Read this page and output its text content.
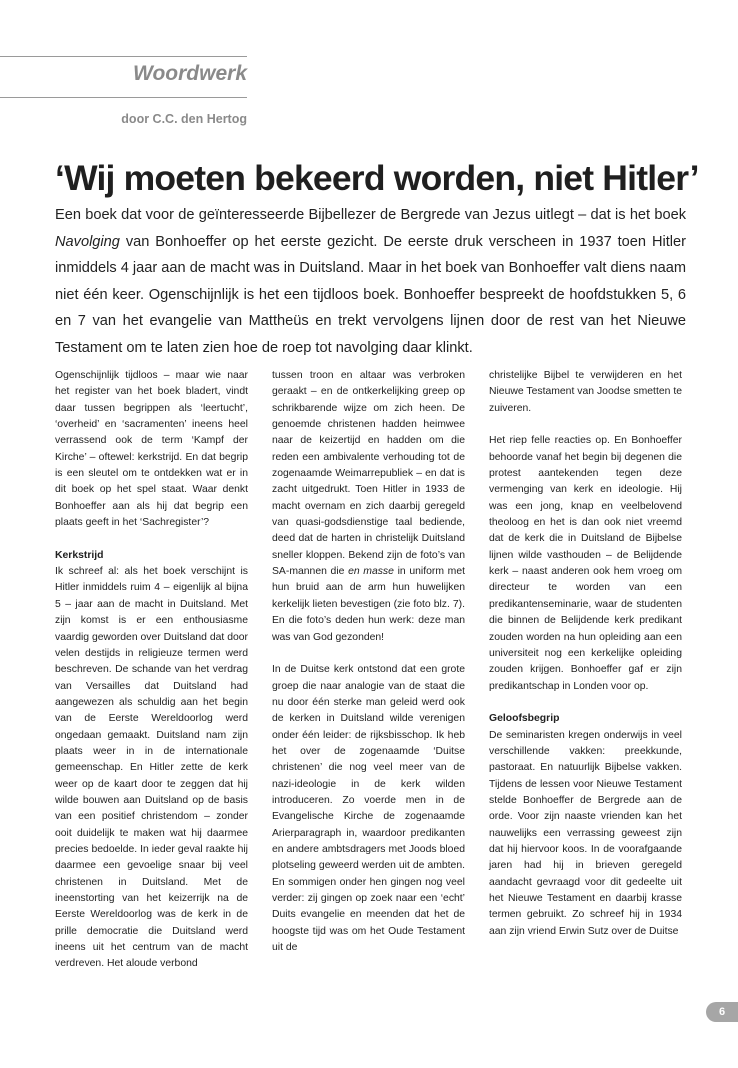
Woordwerk
door C.C. den Hertog
‘Wij moeten bekeerd worden, niet Hitler’

Een boek dat voor de geïnteresseerde Bijbellezer de Bergrede van Jezus uitlegt – dat is het boek Navolging van Bonhoeffer op het eerste gezicht. De eerste druk verscheen in 1937 toen Hitler inmiddels 4 jaar aan de macht was in Duitsland. Maar in het boek van Bonhoeffer valt diens naam niet één keer. Ogenschijnlijk is het een tijdloos boek. Bonhoeffer bespreekt de hoofdstukken 5, 6 en 7 van het evangelie van Mattheüs en trekt vervolgens lijnen door de rest van het Nieuwe Testament om te laten zien hoe de roep tot navolging daar klinkt.

Ogenschijnlijk tijdloos – maar wie naar het register van het boek bladert, vindt daar tussen begrippen als ‘leertucht’, ‘overheid’ en ‘sacramenten’ ineens heel verrassend ook de term ‘Kampf der Kirche’ – oftewel: kerkstrijd. En dat begrip is een sleutel om te ontdekken wat er in dit boek op het spel staat. Waar denkt Bonhoeffer aan als hij dat begrip een plaats geeft in het ‘Sachregister’?

Kerkstrijd

Ik schreef al: als het boek verschijnt is Hitler inmiddels ruim 4 – eigenlijk al bijna 5 – jaar aan de macht in Duitsland. Met zijn komst is er een enthousiasme vaardig geworden over Duitsland dat door velen destijds in religieuze termen werd beschreven. De schande van het verdrag van Versailles dat Duitsland had aangewezen als schuldig aan het begin van de Eerste Wereldoorlog werd ongedaan gemaakt. Duitsland nam zijn plaats weer in in de internationale gemeenschap. En Hitler zette de kerk weer op de kaart door te zeggen dat hij wilde bouwen aan Duitsland op de basis van een positief christendom – zonder ooit duidelijk te maken wat hij daarmee precies bedoelde. In ieder geval raakte hij daarmee een gevoelige snaar bij veel christenen in Duitsland. Met de ineenstorting van het keizerrijk na de Eerste Wereldoorlog was de kerk in de prille democratie die Duitsland werd ineens uit het centrum van de macht verdreven. Het aloude verbond

tussen troon en altaar was verbroken geraakt – en de ontkerkelijking greep op schrikbarende wijze om zich heen. De genoemde christenen hadden heimwee naar de keizertijd en hadden om die reden een ambivalente verhouding tot de zogenaamde Weimarrepubliek – en dat is zacht uitgedrukt. Toen Hitler in 1933 de macht overnam en zich daarbij geregeld van quasi-godsdienstige taal bediende, deed dat de harten in christelijk Duitsland sneller kloppen. Bekend zijn de foto’s van SA-mannen die en masse in uniform met hun bruid aan de arm hun huwelijken kerkelijk lieten bevestigen (zie foto blz. 7). En die foto’s deden hun werk: deze man was van God gezonden!

In de Duitse kerk ontstond dat een grote groep die naar analogie van de staat die nu door één sterke man geleid werd ook de kerken in Duitsland wilde verenigen onder één leider: de rijksbisschop. Ik heb het over de zogenaamde ‘Duitse christenen’ die nog veel meer van de nazi-ideologie in de kerk wilden introduceren. Zo voerde men in de Evangelische Kirche de zogenaamde Arierparagraph in, waardoor predikanten en andere ambtsdragers met Joods bloed plotseling geweerd werden uit de ambten. En sommigen onder hen gingen nog veel verder: zij gingen op zoek naar een ‘echt’ Duits evangelie en meenden dat het de hoogste tijd was om het Oude Testament uit de

christelijke Bijbel te verwijderen en het Nieuwe Testament van Joodse smetten te zuiveren.

Het riep felle reacties op. En Bonhoeffer behoorde vanaf het begin bij degenen die protest aantekenden tegen deze vermenging van kerk en ideologie. Hij was een jong, knap en veelbelovend theoloog en het is dan ook niet vreemd dat de kerk die in Duitsland de Bijbelse lijnen wilde vasthouden – de Belijdende kerk – naast anderen ook hem vroeg om directeur te worden van een predikantenseminarie, waar de studenten die binnen de Belijdende kerk predikant zouden worden na hun opleiding aan een universiteit nog een kerkelijke opleiding zouden krijgen. Bonhoeffer gaf er zijn predikantschap in Londen voor op.

Geloofsbegrip

De seminaristen kregen onderwijs in veel verschillende vakken: preekkunde, pastoraat. En natuurlijk Bijbelse vakken. Tijdens de lessen voor Nieuwe Testament stelde Bonhoeffer de Bergrede aan de orde. Voor zijn naaste vrienden kan het nauwelijks een verrassing geweest zijn dat hij hiervoor koos. In de voorafgaande jaren had hij in brieven geregeld aandacht gevraagd voor dit gedeelte uit het Nieuwe Testament en daarbij krasse termen gebruikt. Zo schreef hij in 1934 aan zijn vriend Erwin Sutz over de Duitse

6
